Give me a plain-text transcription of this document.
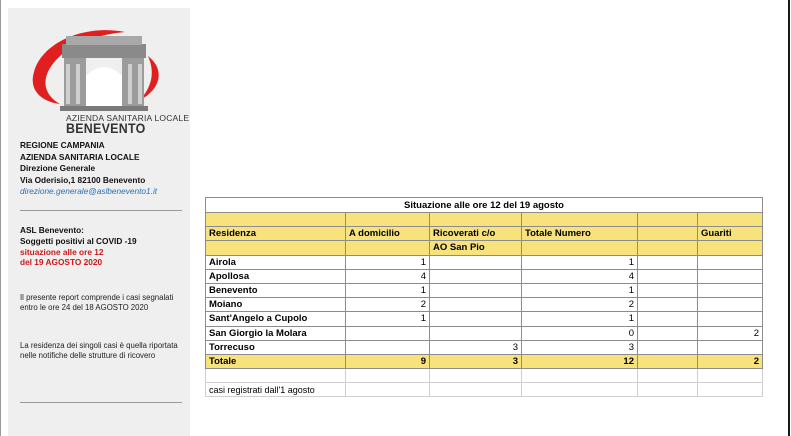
AZIENDA SANITARIA LOCALE
BENEVENTO
REGIONE CAMPANIA
AZIENDA SANITARIA LOCALE
Direzione Generale
Via Oderisio,1 82100 Benevento
direzione.generale@aslbenevento1.it
ASL Benevento:
Soggetti positivi al COVID -19
situazione alle ore 12
del 19 AGOSTO 2020
Il presente report comprende i casi segnalati entro le ore 24 del 18 AGOSTO 2020
La residenza dei singoli casi è quella riportata nelle notifiche delle strutture di ricovero
Situazione alle ore 12 del 19 agosto					

Residenza	A domicilio	Ricoverati c/o	Totale Numero		Guariti
		AO San Pio			
Airola	1		1		
Apollosa	4		4		
Benevento	1		1		
Moiano	2		2		
Sant'Angelo a Cupolo	1		1		
San Giorgio la Molara			0		2
Torrecuso		3	3		
Totale	9	3	12		2

casi registrati dall'1 agosto					
